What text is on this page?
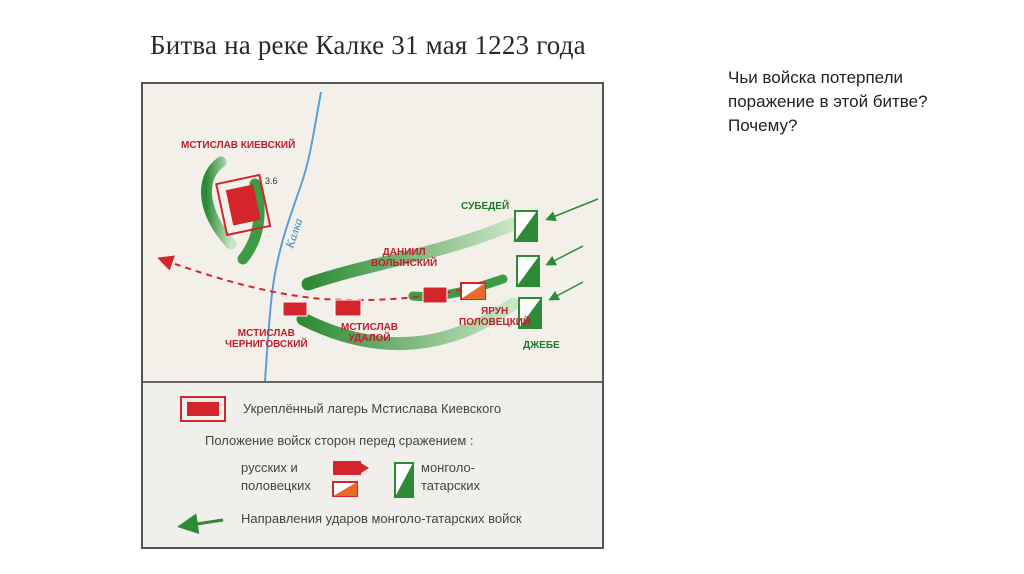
Битва на реке Калке 31 мая 1223 года
Чьи войска потерпели
поражение в этой битве?
Почему?
Калка
3.6
МСТИСЛАВ КИЕВСКИЙ
ДАНИИЛ
ВОЛЫНСКИЙ
МСТИСЛАВ
ЧЕРНИГОВСКИЙ
МСТИСЛАВ
УДАЛОЙ
ЯРУН
ПОЛОВЕЦКИЙ
СУБЕДЕЙ
ДЖЕБЕ
Укреплённый лагерь Мстислава Киевского
Положение войск сторон перед сражением :
русских и
половецких
монголо-
татарских
Направления ударов монголо-татарских войск
